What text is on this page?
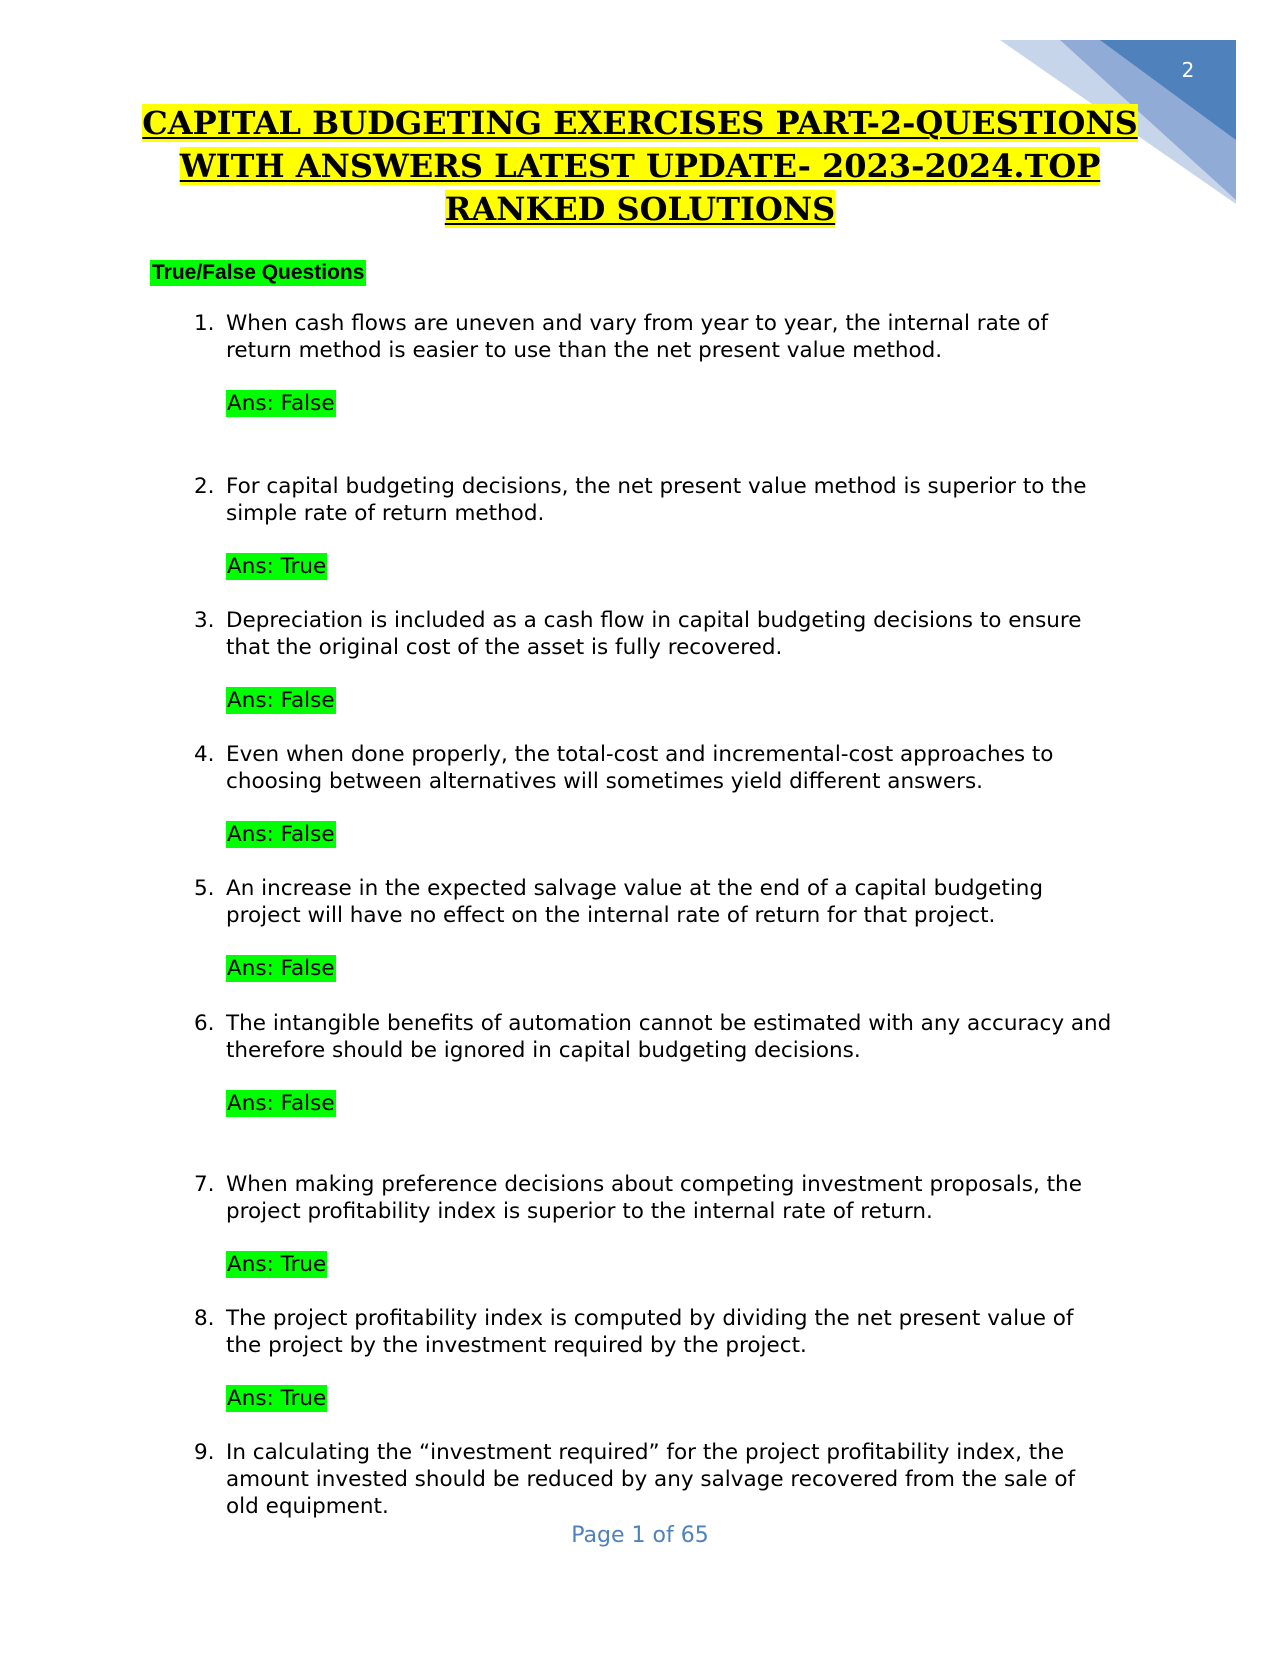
2
CAPITAL BUDGETING EXERCISES PART-2-QUESTIONS
WITH ANSWERS LATEST UPDATE- 2023-2024.TOP
RANKED SOLUTIONS
True/False Questions
1. When cash flows are uneven and vary from year to year, the internal rate of return method is easier to use than the net present value method.
Ans: False
2. For capital budgeting decisions, the net present value method is superior to the simple rate of return method.
Ans: True
3. Depreciation is included as a cash flow in capital budgeting decisions to ensure that the original cost of the asset is fully recovered.
Ans: False
4. Even when done properly, the total-cost and incremental-cost approaches to choosing between alternatives will sometimes yield different answers.
Ans: False
5. An increase in the expected salvage value at the end of a capital budgeting project will have no effect on the internal rate of return for that project.
Ans: False
6. The intangible benefits of automation cannot be estimated with any accuracy and therefore should be ignored in capital budgeting decisions.
Ans: False
7. When making preference decisions about competing investment proposals, the project profitability index is superior to the internal rate of return.
Ans: True
8. The project profitability index is computed by dividing the net present value of the project by the investment required by the project.
Ans: True
9. In calculating the “investment required” for the project profitability index, the amount invested should be reduced by any salvage recovered from the sale of old equipment.
Page 1 of 65
